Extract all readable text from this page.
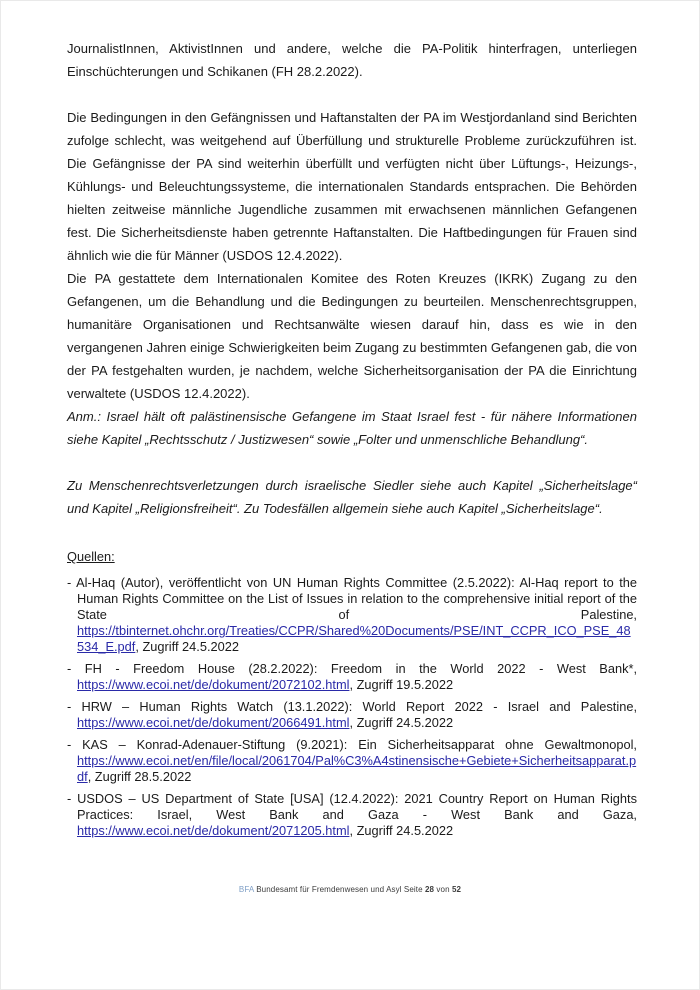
JournalistInnen, AktivistInnen und andere, welche die PA-Politik hinterfragen, unterliegen Einschüchterungen und Schikanen (FH 28.2.2022).

Die Bedingungen in den Gefängnissen und Haftanstalten der PA im Westjordanland sind Berichten zufolge schlecht, was weitgehend auf Überfüllung und strukturelle Probleme zurückzuführen ist. Die Gefängnisse der PA sind weiterhin überfüllt und verfügten nicht über Lüftungs-, Heizungs-, Kühlungs- und Beleuchtungssysteme, die internationalen Standards entsprachen. Die Behörden hielten zeitweise männliche Jugendliche zusammen mit erwachsenen männlichen Gefangenen fest. Die Sicherheitsdienste haben getrennte Haftanstalten. Die Haftbedingungen für Frauen sind ähnlich wie die für Männer (USDOS 12.4.2022).

Die PA gestattete dem Internationalen Komitee des Roten Kreuzes (IKRK) Zugang zu den Gefangenen, um die Behandlung und die Bedingungen zu beurteilen. Menschenrechtsgruppen, humanitäre Organisationen und Rechtsanwälte wiesen darauf hin, dass es wie in den vergangenen Jahren einige Schwierigkeiten beim Zugang zu bestimmten Gefangenen gab, die von der PA festgehalten wurden, je nachdem, welche Sicherheitsorganisation der PA die Einrichtung verwaltete (USDOS 12.4.2022).

Anm.: Israel hält oft palästinensische Gefangene im Staat Israel fest - für nähere Informationen siehe Kapitel „Rechtsschutz / Justizwesen“ sowie „Folter und unmenschliche Behandlung“.

Zu Menschenrechtsverletzungen durch israelische Siedler siehe auch Kapitel „Sicherheitslage“ und Kapitel „Religionsfreiheit“. Zu Todesfällen allgemein siehe auch Kapitel „Sicherheitslage“.

Quellen:
- Al-Haq (Autor), veröffentlicht von UN Human Rights Committee (2.5.2022): Al-Haq report to the Human Rights Committee on the List of Issues in relation to the comprehensive initial report of the State of Palestine,
https://tbinternet.ohchr.org/Treaties/CCPR/Shared%20Documents/PSE/INT_CCPR_ICO_PSE_48534_E.pdf, Zugriff 24.5.2022
- FH - Freedom House (28.2.2022): Freedom in the World 2022 - West Bank*,
https://www.ecoi.net/de/dokument/2072102.html, Zugriff 19.5.2022
- HRW – Human Rights Watch (13.1.2022): World Report 2022 - Israel and Palestine,
https://www.ecoi.net/de/dokument/2066491.html, Zugriff 24.5.2022
- KAS – Konrad-Adenauer-Stiftung (9.2021): Ein Sicherheitsapparat ohne Gewaltmonopol,
https://www.ecoi.net/en/file/local/2061704/Pal%C3%A4stinensische+Gebiete+Sicherheitsapparat.pdf, Zugriff 28.5.2022
- USDOS – US Department of State [USA] (12.4.2022): 2021 Country Report on Human Rights Practices: Israel, West Bank and Gaza - West Bank and Gaza,
https://www.ecoi.net/de/dokument/2071205.html, Zugriff 24.5.2022
BFA Bundesamt für Fremdenwesen und Asyl Seite 28 von 52
